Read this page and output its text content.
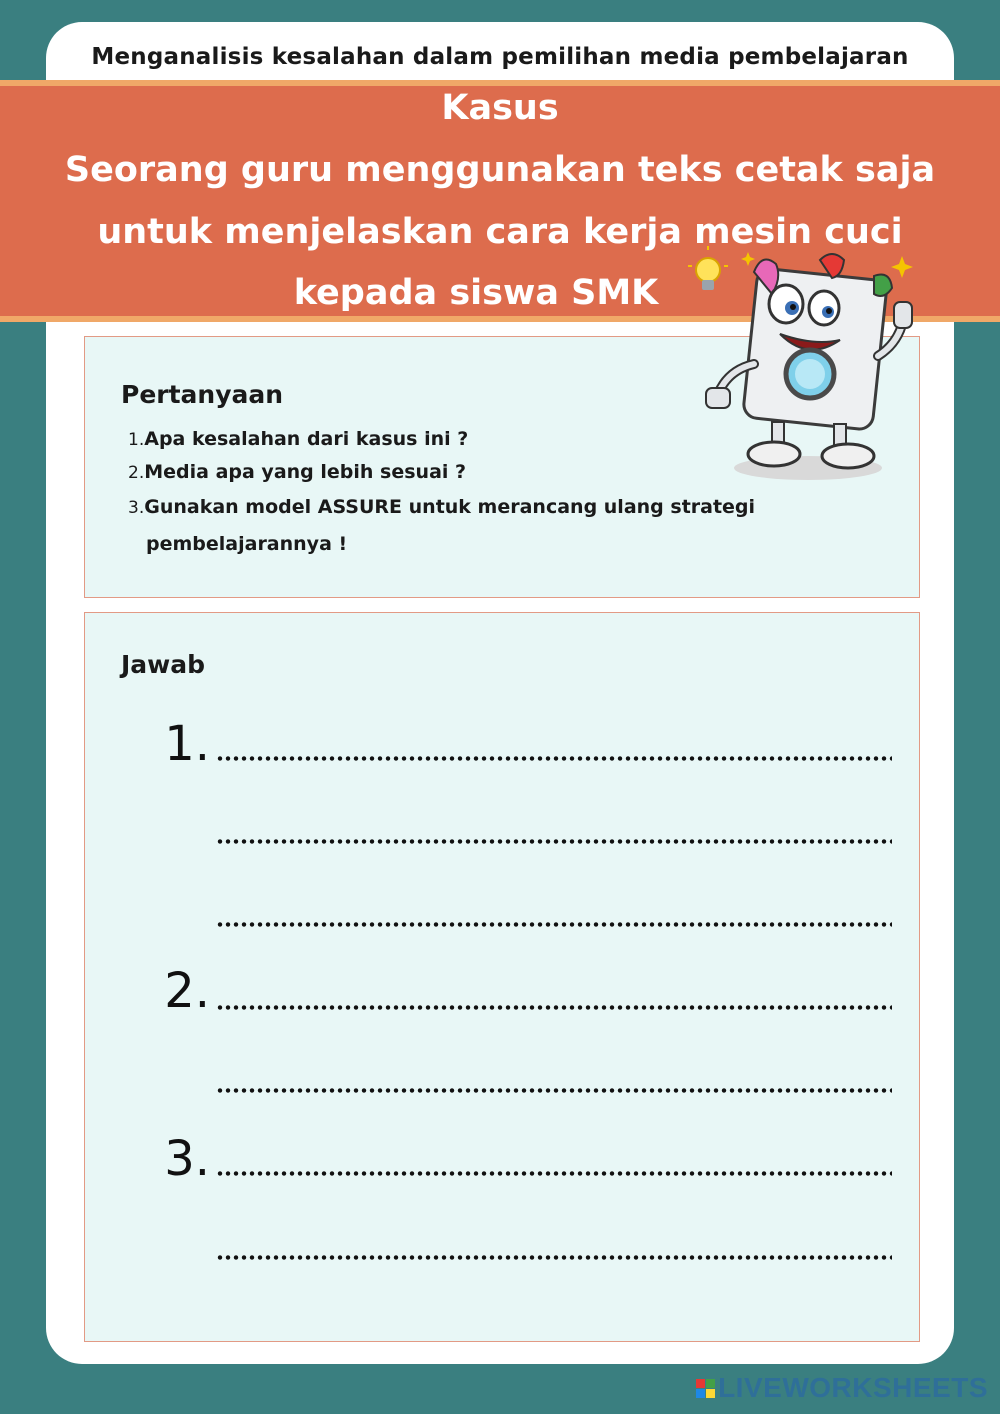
Menganalisis kesalahan dalam pemilihan media pembelajaran
Kasus
Seorang guru menggunakan teks cetak saja
untuk menjelaskan cara kerja mesin cuci
kepada siswa SMK
Pertanyaan
1.Apa kesalahan dari kasus ini ?
2.Media apa yang lebih sesuai ?
3.Gunakan model ASSURE untuk merancang ulang strategi
pembelajarannya !
Jawab
1.
2.
3.
LIVEWORKSHEETS
